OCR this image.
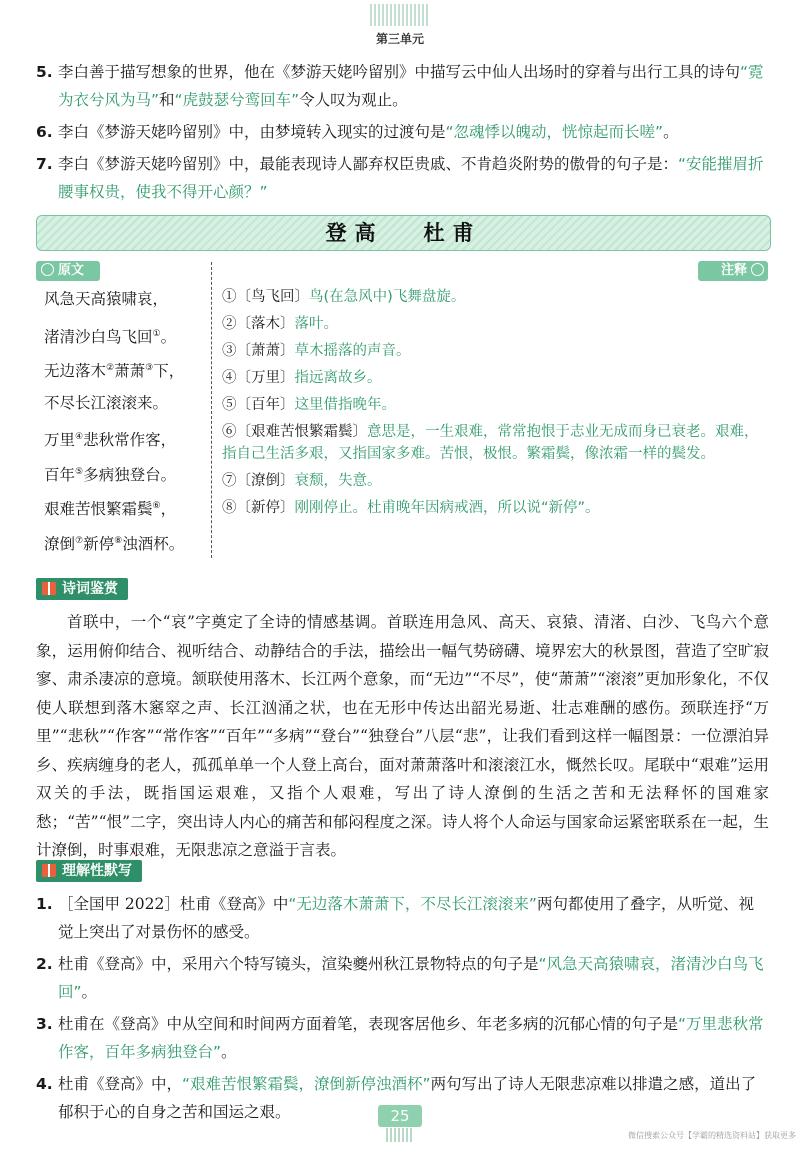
第三单元
5. 李白善于描写想象的世界，他在《梦游天姥吟留别》中描写云中仙人出场时的穿着与出行工具的诗句“霓为衣兮风为马”和“虎鼓瑟兮鸾回车”令人叹为观止。
6. 李白《梦游天姥吟留别》中，由梦境转入现实的过渡句是“忽魂悸以魄动，恍惊起而长嗟”。
7. 李白《梦游天姥吟留别》中，最能表现诗人鄙弃权臣贵戚、不肯趋炎附势的傲骨的句子是：“安能摧眉折腰事权贵，使我不得开心颜？”
登高 杜甫
原文	注释
风急天高猿啸哀，
渚清沙白鸟飞回①。
无边落木②萧萧③下，
不尽长江滚滚来。
万里④悲秋常作客，
百年⑤多病独登台。
艰难苦恨繁霜鬓⑥，
潦倒⑦新停⑧浊酒杯。
①〔鸟飞回〕鸟(在急风中)飞舞盘旋。
②〔落木〕落叶。
③〔萧萧〕草木摇落的声音。
④〔万里〕指远离故乡。
⑤〔百年〕这里借指晚年。
⑥〔艰难苦恨繁霜鬓〕意思是，一生艰难，常常抱恨于志业无成而身已衰老。艰难，指自己生活多艰，又指国家多难。苦恨，极恨。繁霜鬓，像浓霜一样的鬓发。
⑦〔潦倒〕衰颓，失意。
⑧〔新停〕刚刚停止。杜甫晚年因病戒酒，所以说“新停”。
诗词鉴赏

首联中，一个“哀”字奠定了全诗的情感基调。首联连用急风、高天、哀猿、清渚、白沙、飞鸟六个意象，运用俯仰结合、视听结合、动静结合的手法，描绘出一幅气势磅礴、境界宏大的秋景图，营造了空旷寂寥、肃杀凄凉的意境。颔联使用落木、长江两个意象，而“无边”“不尽”，使“萧萧”“滚滚”更加形象化，不仅使人联想到落木窸窣之声、长江汹涌之状，也在无形中传达出韶光易逝、壮志难酬的感伤。颈联连抒“万里”“悲秋”“作客”“常作客”“百年”“多病”“登台”“独登台”八层“悲”，让我们看到这样一幅图景：一位漂泊异乡、疾病缠身的老人，孤孤单单一个人登上高台，面对萧萧落叶和滚滚江水，慨然长叹。尾联中“艰难”运用双关的手法，既指国运艰难，又指个人艰难，写出了诗人潦倒的生活之苦和无法释怀的国难家愁；“苦”“恨”二字，突出诗人内心的痛苦和郁闷程度之深。诗人将个人命运与国家命运紧密联系在一起，生计潦倒，时事艰难，无限悲凉之意溢于言表。

理解性默写
1. ［全国甲 2022］杜甫《登高》中“无边落木萧萧下，不尽长江滚滚来”两句都使用了叠字，从听觉、视觉上突出了对景伤怀的感受。
2. 杜甫《登高》中，采用六个特写镜头，渲染夔州秋江景物特点的句子是“风急天高猿啸哀，渚清沙白鸟飞回”。
3. 杜甫在《登高》中从空间和时间两方面着笔，表现客居他乡、年老多病的沉郁心情的句子是“万里悲秋常作客，百年多病独登台”。
4. 杜甫《登高》中，“艰难苦恨繁霜鬓，潦倒新停浊酒杯”两句写出了诗人无限悲凉难以排遣之感，道出了郁积于心的自身之苦和国运之艰。	25
微信搜索公众号【学霸的精选资料站】获取更多
